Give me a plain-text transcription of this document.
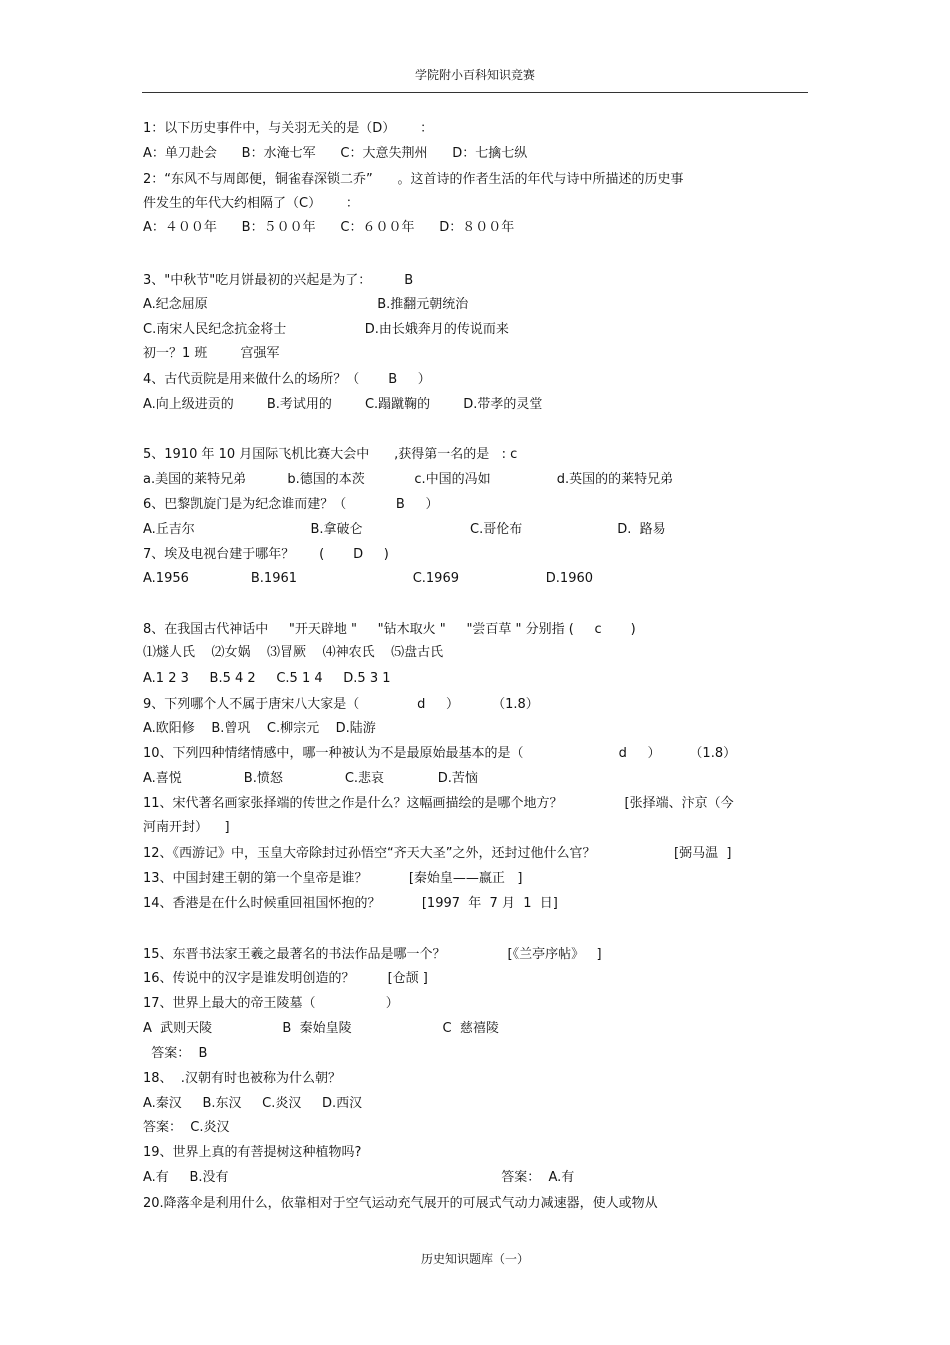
学院附小百科知识竞赛
1：以下历史事件中，与关羽无关的是（D）      ：
A：单刀赴会      B：水淹七军      C：大意失荆州      D：七擒七纵
2：“东风不与周郎便，铜雀春深锁二乔”      。这首诗的作者生活的年代与诗中所描述的历史事
件发生的年代大约相隔了（C）      ：
A：４００年      B：５００年      C：６００年      D：８００年
3、"中秋节"吃月饼最初的兴起是为了：        B
A.纪念屈原                                         B.推翻元朝统治
C.南宋人民纪念抗金将士                   D.由长娥奔月的传说而来
初一？1 班        宫强军
4、古代贡院是用来做什么的场所？（       B     ）
A.向上级进贡的        B.考试用的        C.蹋蹴鞠的        D.带孝的灵堂
5、1910 年 10 月国际飞机比赛大会中      ,获得第一名的是   : c
a.美国的莱特兄弟          b.德国的本茨            c.中国的冯如                d.英国的的莱特兄弟
6、巴黎凯旋门是为纪念谁而建？（            B     ）
A.丘吉尔                            B.拿破仑                          C.哥伦布                       D.  路易
7、埃及电视台建于哪年？      (       D     )
A.1956               B.1961                            C.1969                     D.1960
8、在我国古代神话中     "开天辟地 "     "钻木取火 "     "尝百草 " 分别指 (     c       )
⑴燧人氏    ⑵女娲    ⑶冒厥    ⑷神农氏    ⑸盘古氏
A.1 2 3     B.5 4 2     C.5 1 4     D.5 3 1
9、下列哪个人不属于唐宋八大家是（              d     ）        （1.8）
A.欧阳修    B.曾巩    C.柳宗元    D.陆游
10、下列四种情绪情感中，哪一种被认为不是最原始最基本的是（                       d     ）       （1.8）
A.喜悦               B.愤怒               C.悲哀             D.苦恼
11、宋代著名画家张择端的传世之作是什么？这幅画描绘的是哪个地方？               [张择端、汴京（今
河南开封）    ]
12、《西游记》中，玉皇大帝除封过孙悟空“齐天大圣”之外，还封过他什么官？                   [弼马温  ]
13、中国封建王朝的第一个皇帝是谁？          [秦始皇——嬴正   ]
14、香港是在什么时候重回祖国怀抱的？          [1997  年  7 月  1  日]
15、东晋书法家王羲之最著名的书法作品是哪一个？               [《兰亭序帖》   ]
16、传说中的汉字是谁发明创造的？        [仓颉 ]
17、世界上最大的帝王陵墓（                 ）
A  武则天陵                 B  秦始皇陵                      C  慈禧陵
答案：  B
18、  .汉朝有时也被称为什么朝？
A.秦汉     B.东汉     C.炎汉     D.西汉
答案：  C.炎汉
19、世界上真的有菩提树这种植物吗?
A.有     B.没有                                                                  答案：  A.有
20.降落伞是利用什么，依靠相对于空气运动充气展开的可展式气动力减速器，使人或物从
历史知识题库（一）
